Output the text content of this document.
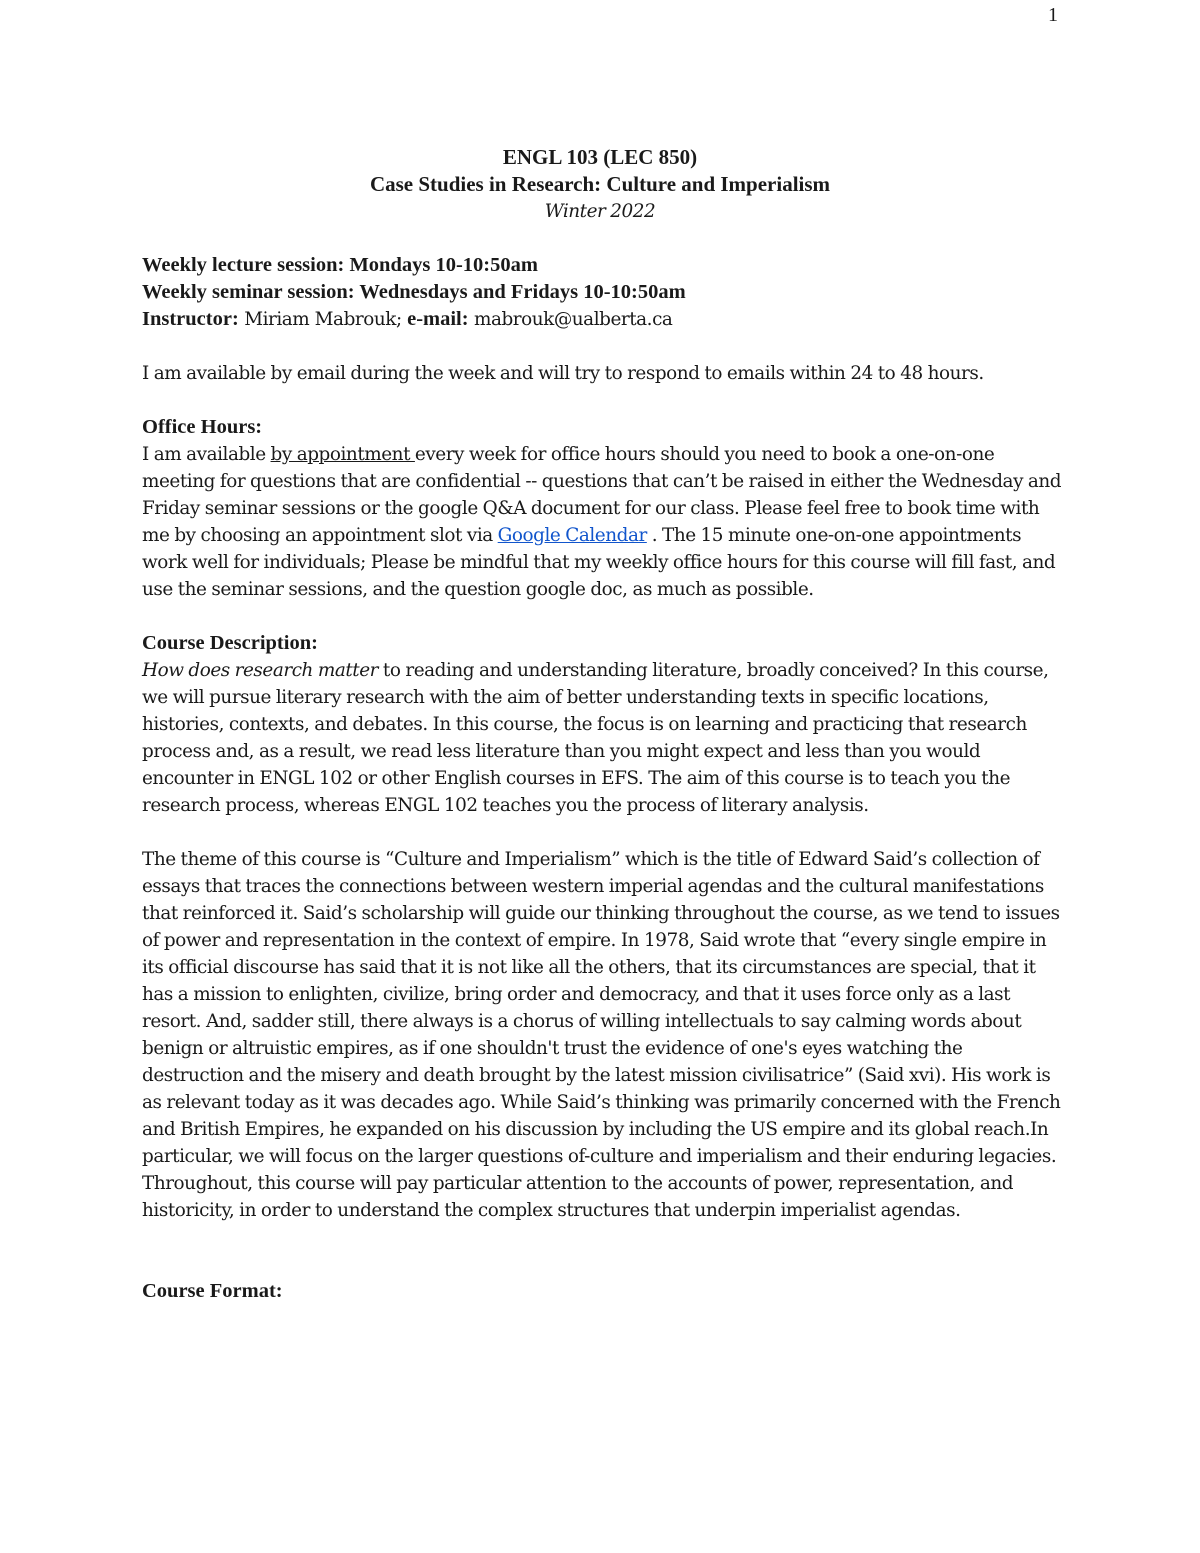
1
ENGL 103 (LEC 850)
Case Studies in Research: Culture and Imperialism
Winter 2022
Weekly lecture session: Mondays 10-10:50am
Weekly seminar session: Wednesdays and Fridays 10-10:50am
Instructor: Miriam Mabrouk; e-mail: mabrouk@ualberta.ca

I am available by email during the week and will try to respond to emails within 24 to 48 hours.

Office Hours:

I am available by appointment every week for office hours should you need to book a one-on-one meeting for questions that are confidential -- questions that can’t be raised in either the Wednesday and Friday seminar sessions or the google Q&A document for our class. Please feel free to book time with me by choosing an appointment slot via Google Calendar . The 15 minute one-on-one appointments work well for individuals; Please be mindful that my weekly office hours for this course will fill fast, and use the seminar sessions, and the question google doc, as much as possible.

Course Description:

How does research matter to reading and understanding literature, broadly conceived? In this course, we will pursue literary research with the aim of better understanding texts in specific locations, histories, contexts, and debates. In this course, the focus is on learning and practicing that research process and, as a result, we read less literature than you might expect and less than you would encounter in ENGL 102 or other English courses in EFS. The aim of this course is to teach you the research process, whereas ENGL 102 teaches you the process of literary analysis.

The theme of this course is “Culture and Imperialism” which is the title of Edward Said’s collection of essays that traces the connections between western imperial agendas and the cultural manifestations that reinforced it. Said’s scholarship will guide our thinking throughout the course, as we tend to issues of power and representation in the context of empire. In 1978, Said wrote that “every single empire in its official discourse has said that it is not like all the others, that its circumstances are special, that it has a mission to enlighten, civilize, bring order and democracy, and that it uses force only as a last resort. And, sadder still, there always is a chorus of willing intellectuals to say calming words about benign or altruistic empires, as if one shouldn't trust the evidence of one's eyes watching the destruction and the misery and death brought by the latest mission civilisatrice” (Said xvi). His work is as relevant today as it was decades ago. While Said’s thinking was primarily concerned with the French and British Empires, he expanded on his discussion by including the US empire and its global reach.In particular, we will focus on the larger questions of-culture and imperialism and their enduring legacies. Throughout, this course will pay particular attention to the accounts of power, representation, and historicity, in order to understand the complex structures that underpin imperialist agendas.

Course Format:
